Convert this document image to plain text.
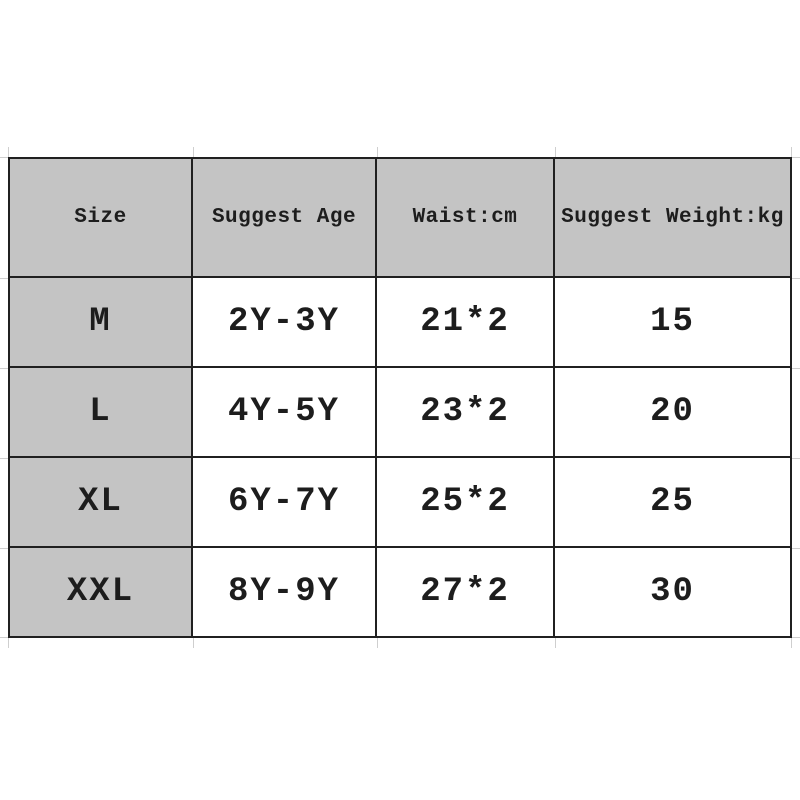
Size	Suggest Age	Waist:cm	Suggest Weight:kg
M	2Y-3Y	21*2	15
L	4Y-5Y	23*2	20
XL	6Y-7Y	25*2	25
XXL	8Y-9Y	27*2	30
